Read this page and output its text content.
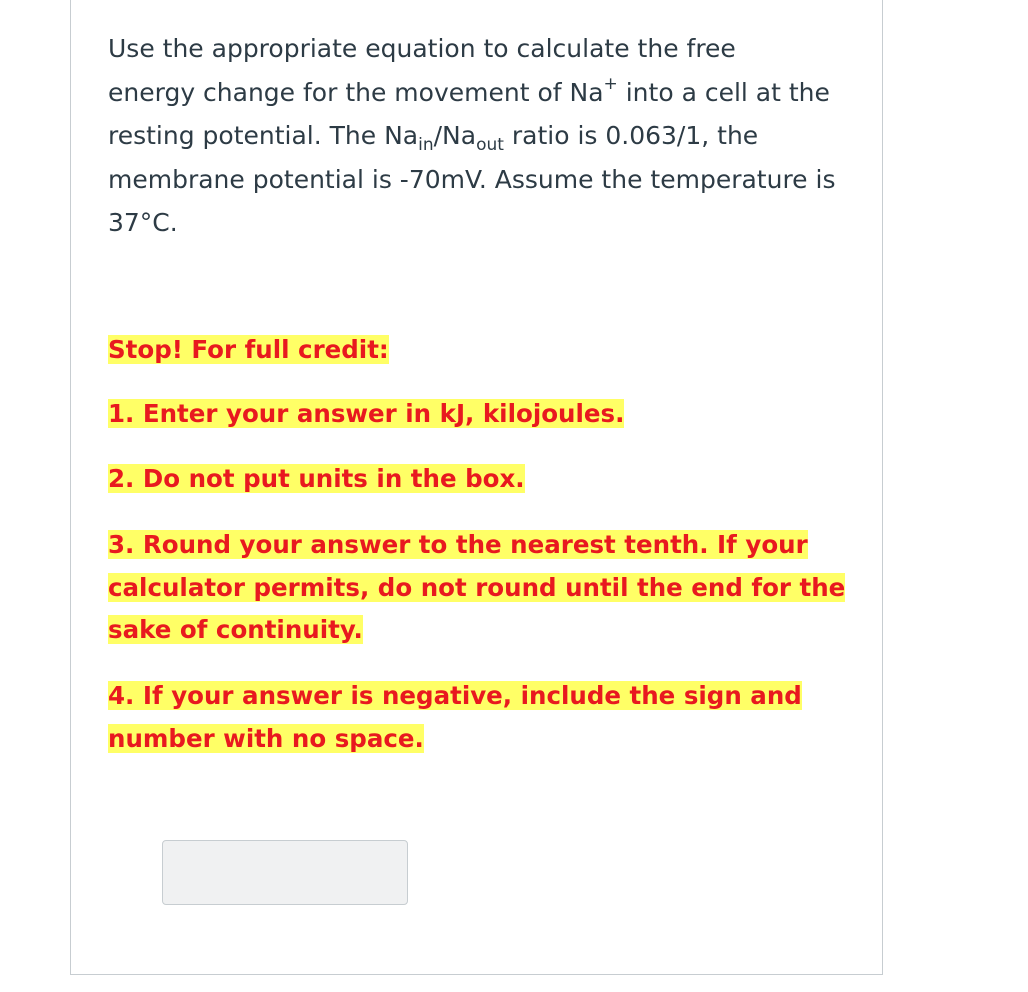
Use the appropriate equation to calculate the free
energy change for the movement of Na+ into a cell at the
resting potential. The $Na_{in}/Na_{out}$ ratio is 0.063/1, the
membrane potential is -70mV. Assume the temperature is
37°C.

Stop! For full credit:

1. Enter your answer in kJ, kilojoules.

2. Do not put units in the box.

3. Round your answer to the nearest tenth. If your calculator permits, do not round until the end for the sake of continuity.

4. If your answer is negative, include the sign and number with no space.
